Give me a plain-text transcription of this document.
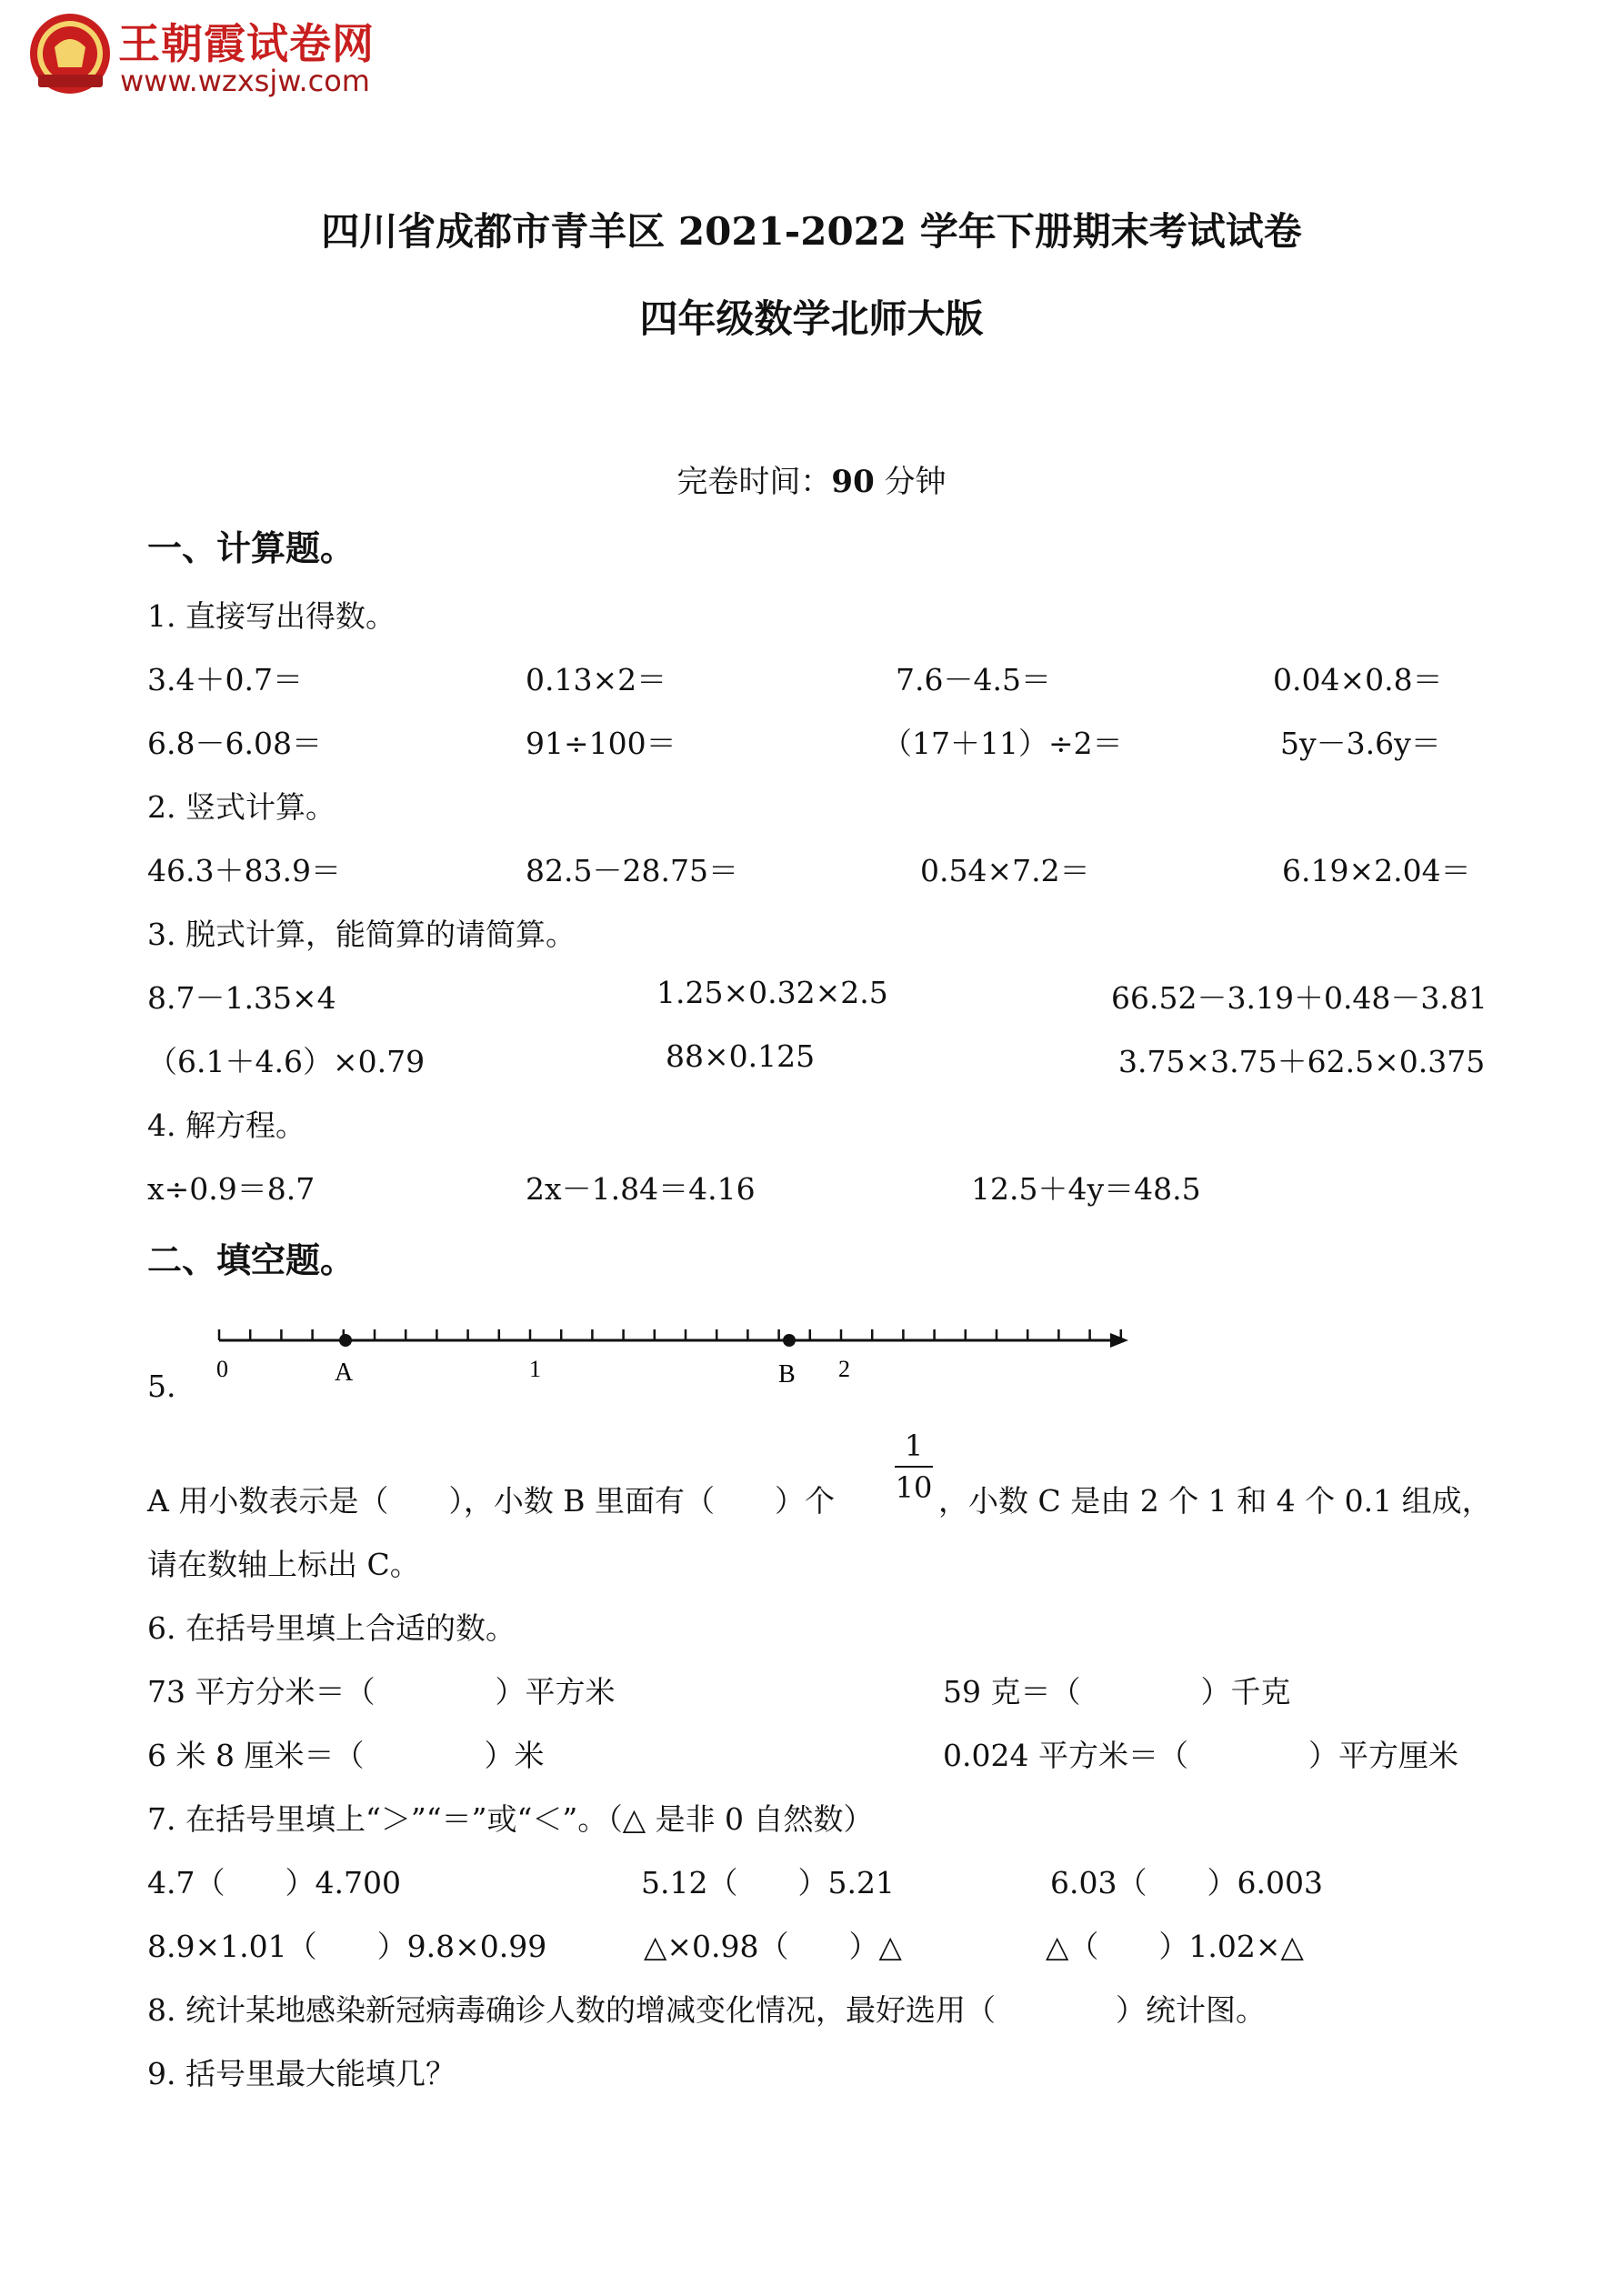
王朝霞试卷网
www.wzxsjw.com
四川省成都市青羊区 2021-2022 学年下册期末考试试卷
四年级数学北师大版
完卷时间：90 分钟
一、计算题。
1. 直接写出得数。
3.4＋0.7＝	0.13×2＝	7.6－4.5＝	0.04×0.8＝
6.8－6.08＝	91÷100＝	（17＋11）÷2＝	5y－3.6y＝
2. 竖式计算。
46.3＋83.9＝	82.5－28.75＝	0.54×7.2＝	6.19×2.04＝
3. 脱式计算，能简算的请简算。
8.7－1.35×4	1.25×0.32×2.5	66.52－3.19＋0.48－3.81
（6.1＋4.6）×0.79	88×0.125	3.75×3.75＋62.5×0.375
4. 解方程。
x÷0.9＝8.7	2x－1.84＝4.16	12.5＋4y＝48.5
二、填空题。
0	A	1	B 2
5.
1
10
A 用小数表示是（　　），小数 B 里面有（　　）个	，小数 C 是由 2 个 1 和 4 个 0.1 组成，
请在数轴上标出 C。
6. 在括号里填上合适的数。
73 平方分米＝（　　　　）平方米	59 克＝（　　　　）千克
6 米 8 厘米＝（　　　　）米	0.024 平方米＝（　　　　）平方厘米
7. 在括号里填上“＞”“＝”或“＜”。（△ 是非 0 自然数）
4.7（　　）4.700	5.12（　　）5.21	6.03（　　）6.003
8.9×1.01（　　）9.8×0.99	△×0.98（　　）△	△（　　）1.02×△
8. 统计某地感染新冠病毒确诊人数的增减变化情况，最好选用（　　　　）统计图。
9. 括号里最大能填几？
